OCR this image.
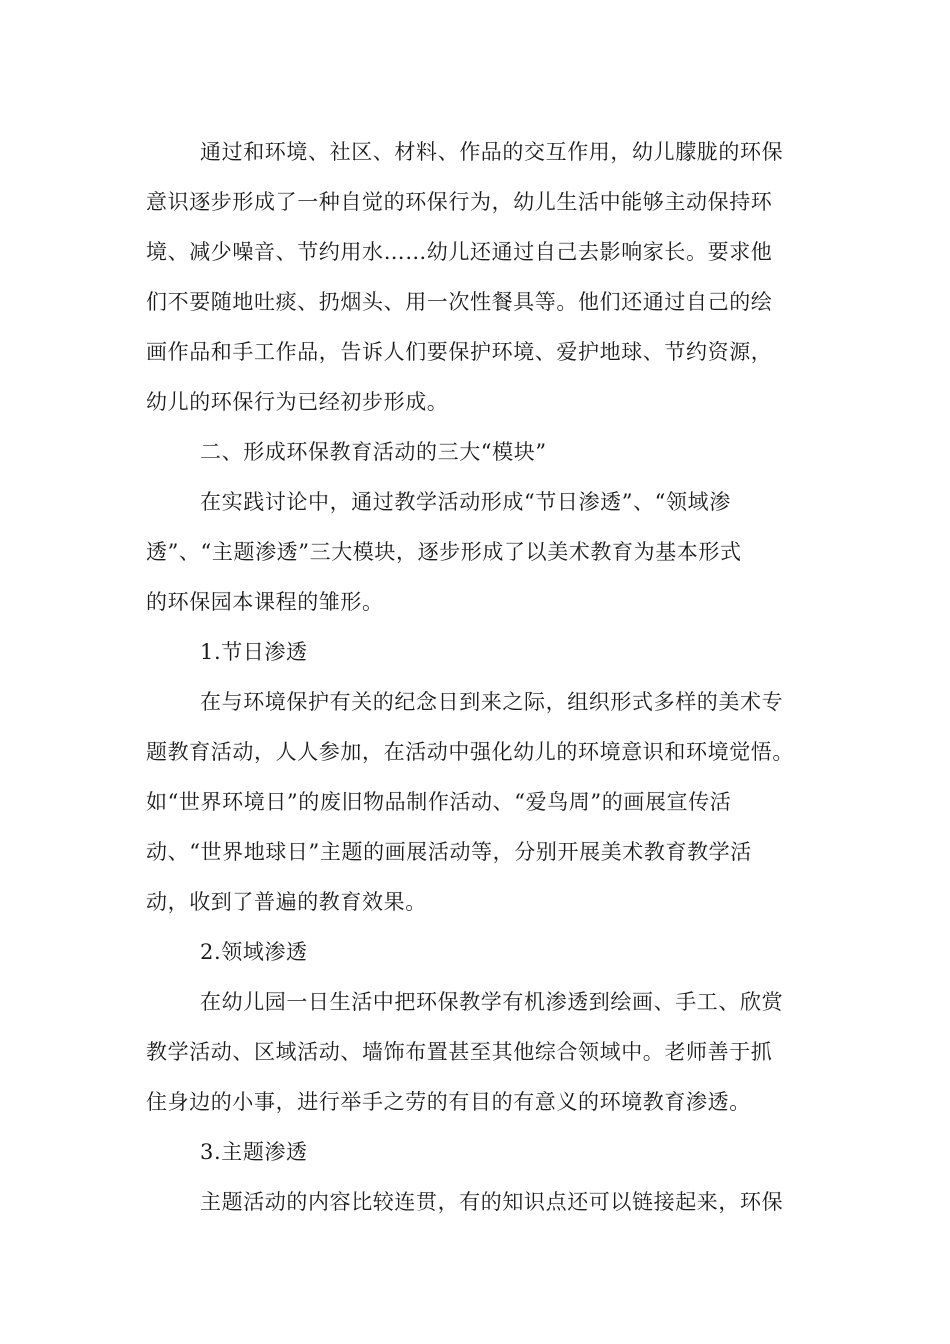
通过和环境、社区、材料、作品的交互作用，幼儿朦胧的环保
意识逐步形成了一种自觉的环保行为，幼儿生活中能够主动保持环
境、减少噪音、节约用水……幼儿还通过自己去影响家长。要求他
们不要随地吐痰、扔烟头、用一次性餐具等。他们还通过自己的绘
画作品和手工作品，告诉人们要保护环境、爱护地球、节约资源，
幼儿的环保行为已经初步形成。
二、形成环保教育活动的三大“模块”
在实践讨论中，通过教学活动形成“节日渗透”、“领域渗
透”、“主题渗透”三大模块，逐步形成了以美术教育为基本形式
的环保园本课程的雏形。
1.节日渗透
在与环境保护有关的纪念日到来之际，组织形式多样的美术专
题教育活动，人人参加，在活动中强化幼儿的环境意识和环境觉悟。
如“世界环境日”的废旧物品制作活动、“爱鸟周”的画展宣传活
动、“世界地球日”主题的画展活动等，分别开展美术教育教学活
动，收到了普遍的教育效果。
2.领域渗透
在幼儿园一日生活中把环保教学有机渗透到绘画、手工、欣赏
教学活动、区域活动、墙饰布置甚至其他综合领域中。老师善于抓
住身边的小事，进行举手之劳的有目的有意义的环境教育渗透。
3.主题渗透
主题活动的内容比较连贯，有的知识点还可以链接起来，环保
